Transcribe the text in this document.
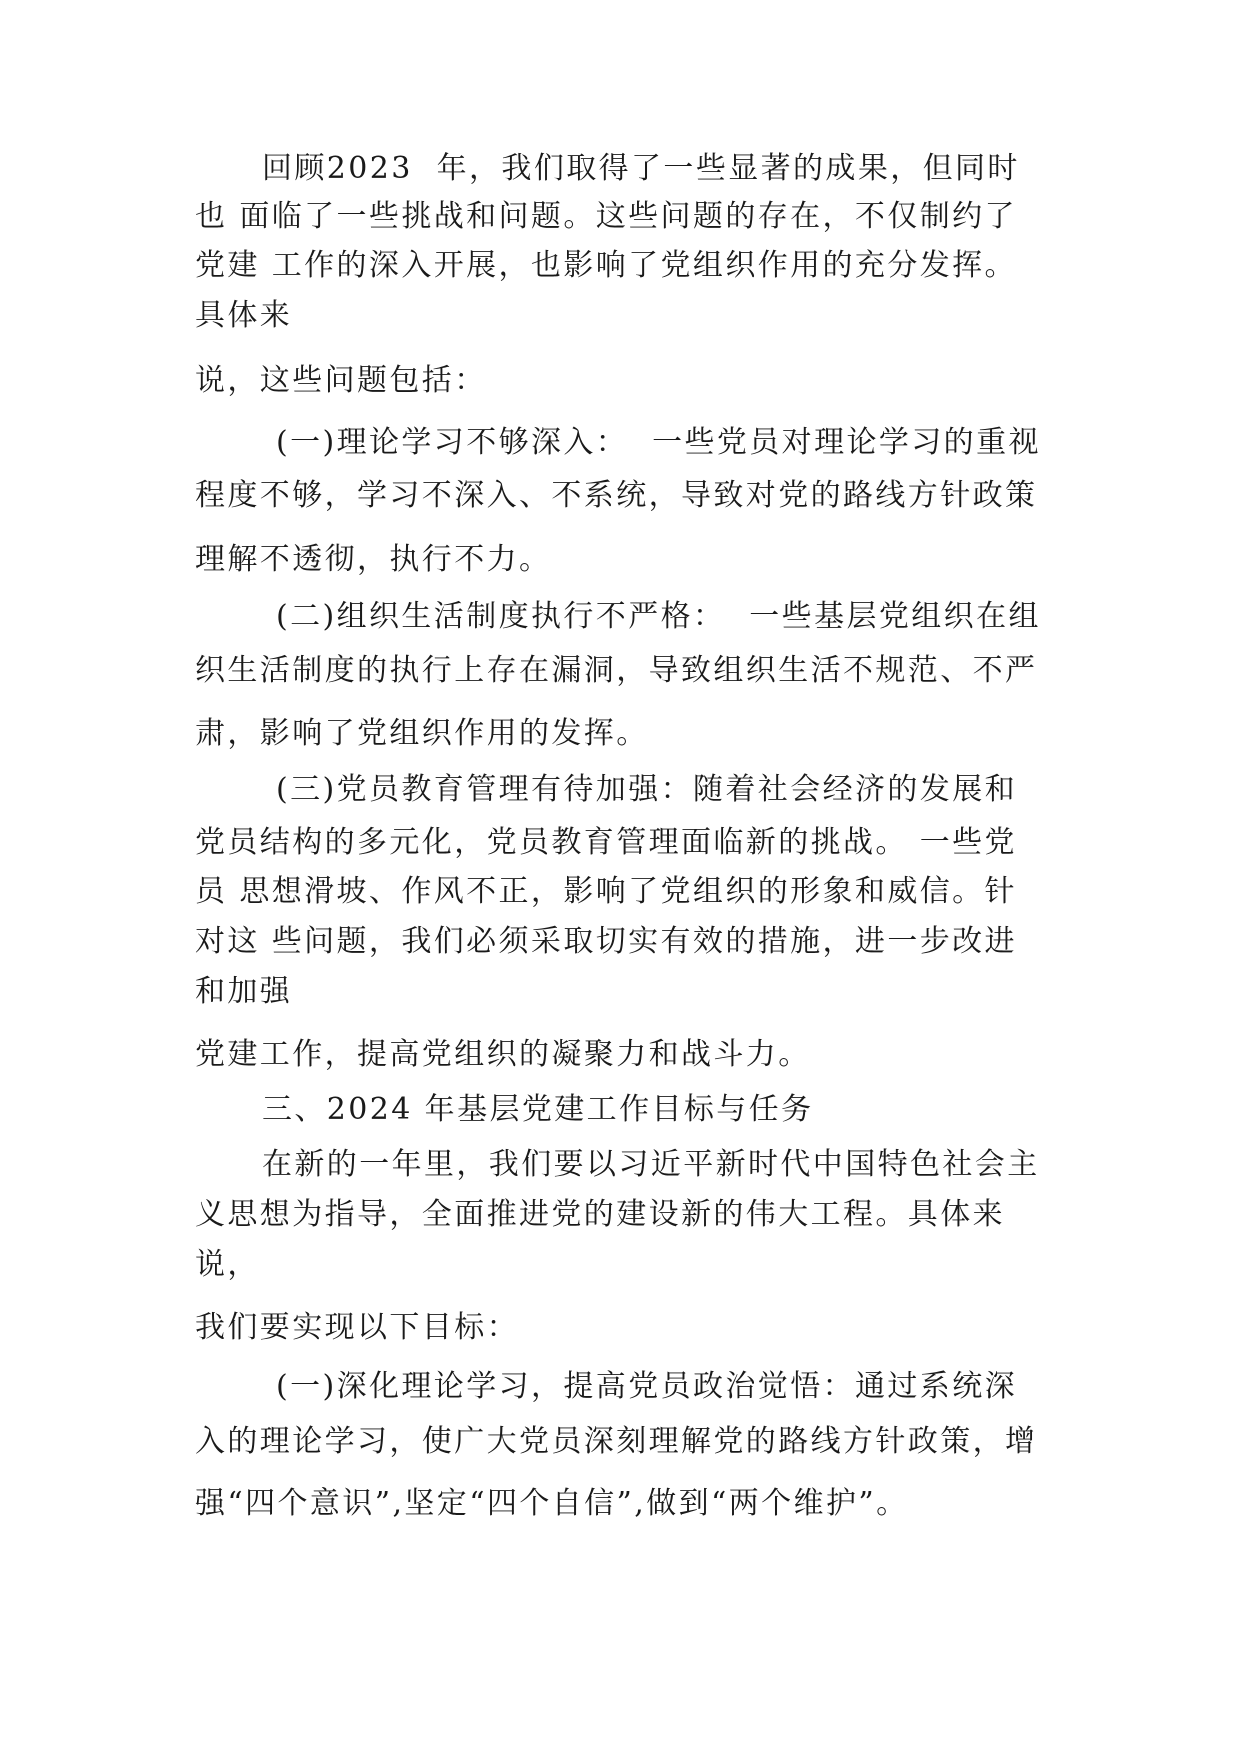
回顾2023  年，我们取得了一些显著的成果，但同时
也 面临了一些挑战和问题。这些问题的存在，不仅制约了
党建 工作的深入开展，也影响了党组织作用的充分发挥。
具体来
说，这些问题包括：
(一)理论学习不够深入：  一些党员对理论学习的重视
程度不够，学习不深入、不系统，导致对党的路线方针政策
理解不透彻，执行不力。
(二)组织生活制度执行不严格：  一些基层党组织在组
织生活制度的执行上存在漏洞，导致组织生活不规范、不严
肃，影响了党组织作用的发挥。
(三)党员教育管理有待加强：随着社会经济的发展和
党员结构的多元化，党员教育管理面临新的挑战。 一些党
员 思想滑坡、作风不正，影响了党组织的形象和威信。针
对这 些问题，我们必须采取切实有效的措施，进一步改进
和加强
党建工作，提高党组织的凝聚力和战斗力。
三、2024 年基层党建工作目标与任务
在新的一年里，我们要以习近平新时代中国特色社会主
义思想为指导，全面推进党的建设新的伟大工程。具体来
说，
我们要实现以下目标：
(一)深化理论学习，提高党员政治觉悟：通过系统深
入的理论学习，使广大党员深刻理解党的路线方针政策，增
强“四个意识”,坚定“四个自信”,做到“两个维护”。
